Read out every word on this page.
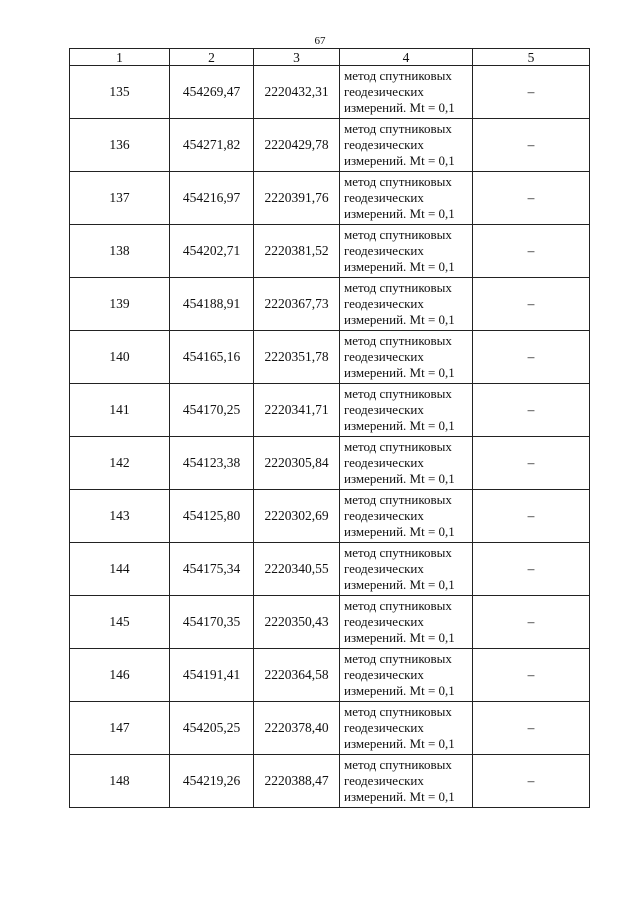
67
1	2	3	4	5
135	454269,47	2220432,31	метод спутниковых
геодезических
измерений. Mt = 0,1	–
136	454271,82	2220429,78	метод спутниковых
геодезических
измерений. Mt = 0,1	–
137	454216,97	2220391,76	метод спутниковых
геодезических
измерений. Mt = 0,1	–
138	454202,71	2220381,52	метод спутниковых
геодезических
измерений. Mt = 0,1	–
139	454188,91	2220367,73	метод спутниковых
геодезических
измерений. Mt = 0,1	–
140	454165,16	2220351,78	метод спутниковых
геодезических
измерений. Mt = 0,1	–
141	454170,25	2220341,71	метод спутниковых
геодезических
измерений. Mt = 0,1	–
142	454123,38	2220305,84	метод спутниковых
геодезических
измерений. Mt = 0,1	–
143	454125,80	2220302,69	метод спутниковых
геодезических
измерений. Mt = 0,1	–
144	454175,34	2220340,55	метод спутниковых
геодезических
измерений. Mt = 0,1	–
145	454170,35	2220350,43	метод спутниковых
геодезических
измерений. Mt = 0,1	–
146	454191,41	2220364,58	метод спутниковых
геодезических
измерений. Mt = 0,1	–
147	454205,25	2220378,40	метод спутниковых
геодезических
измерений. Mt = 0,1	–
148	454219,26	2220388,47	метод спутниковых
геодезических
измерений. Mt = 0,1	–
